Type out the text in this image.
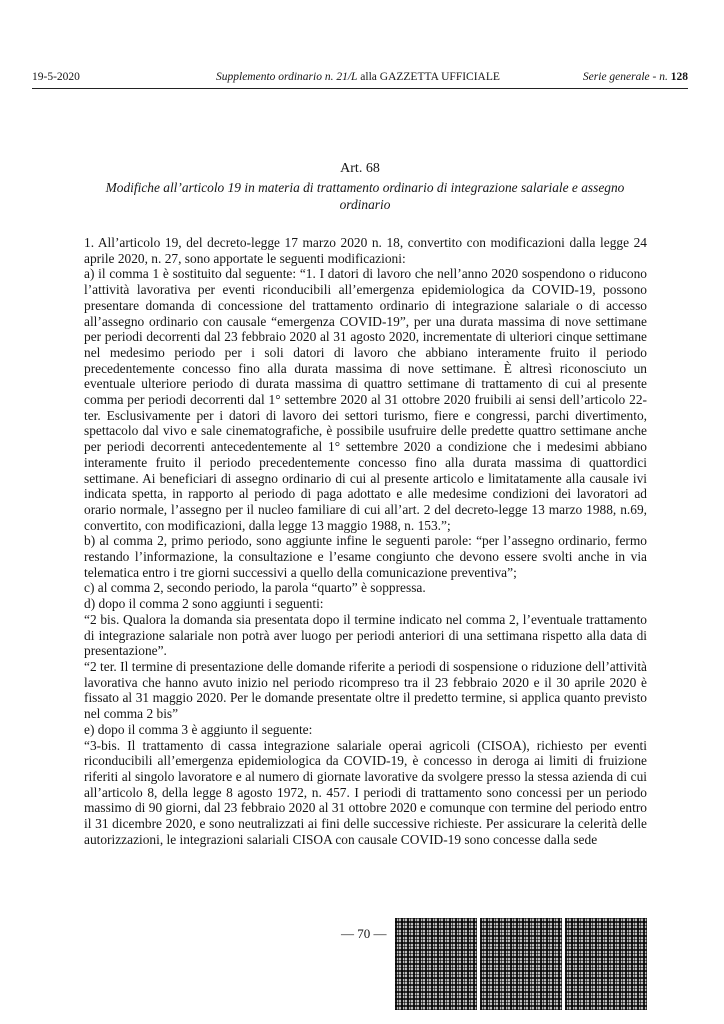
19-5-2020	Supplemento ordinario n. 21/L alla GAZZETTA UFFICIALE	Serie generale - n. 128
Art. 68
Modifiche all’articolo 19 in materia di trattamento ordinario di integrazione salariale e assegno ordinario

1. All’articolo 19, del decreto-legge 17 marzo 2020 n. 18, convertito con modificazioni dalla legge 24 aprile 2020, n. 27, sono apportate le seguenti modificazioni:

a) il comma 1 è sostituito dal seguente: “1. I datori di lavoro che nell’anno 2020 sospendono o riducono l’attività lavorativa per eventi riconducibili all’emergenza epidemiologica da COVID-19, possono presentare domanda di concessione del trattamento ordinario di integrazione salariale o di accesso all’assegno ordinario con causale “emergenza COVID-19”, per una durata massima di nove settimane per periodi decorrenti dal 23 febbraio 2020 al 31 agosto 2020, incrementate di ulteriori cinque settimane nel medesimo periodo per i soli datori di lavoro che abbiano interamente fruito il periodo precedentemente concesso fino alla durata massima di nove settimane. È altresì riconosciuto un eventuale ulteriore periodo di durata massima di quattro settimane di trattamento di cui al presente comma per periodi decorrenti dal 1° settembre 2020 al 31 ottobre 2020 fruibili ai sensi dell’articolo 22-ter. Esclusivamente per i datori di lavoro dei settori turismo, fiere e congressi, parchi divertimento, spettacolo dal vivo e sale cinematografiche, è possibile usufruire delle predette quattro settimane anche per periodi decorrenti antecedentemente al 1° settembre 2020 a condizione che i medesimi abbiano interamente fruito il periodo precedentemente concesso fino alla durata massima di quattordici settimane. Ai beneficiari di assegno ordinario di cui al presente articolo e limitatamente alla causale ivi indicata spetta, in rapporto al periodo di paga adottato e alle medesime condizioni dei lavoratori ad orario normale, l’assegno per il nucleo familiare di cui all’art. 2 del decreto-legge 13 marzo 1988, n.69, convertito, con modificazioni, dalla legge 13 maggio 1988, n. 153.”;

b) al comma 2, primo periodo, sono aggiunte infine le seguenti parole: “per l’assegno ordinario, fermo restando l’informazione, la consultazione e l’esame congiunto che devono essere svolti anche in via telematica entro i tre giorni successivi a quello della comunicazione preventiva”;

c) al comma 2, secondo periodo, la parola “quarto” è soppressa.

d) dopo il comma 2 sono aggiunti i seguenti:

“2 bis. Qualora la domanda sia presentata dopo il termine indicato nel comma 2, l’eventuale trattamento di integrazione salariale non potrà aver luogo per periodi anteriori di una settimana rispetto alla data di presentazione”.

“2 ter. Il termine di presentazione delle domande riferite a periodi di sospensione o riduzione dell’attività lavorativa che hanno avuto inizio nel periodo ricompreso tra il 23 febbraio 2020 e il 30 aprile 2020 è fissato al 31 maggio 2020. Per le domande presentate oltre il predetto termine, si applica quanto previsto nel comma 2 bis”

e) dopo il comma 3 è aggiunto il seguente:

“3-bis. Il trattamento di cassa integrazione salariale operai agricoli (CISOA), richiesto per eventi riconducibili all’emergenza epidemiologica da COVID-19, è concesso in deroga ai limiti di fruizione riferiti al singolo lavoratore e al numero di giornate lavorative da svolgere presso la stessa azienda di cui all’articolo 8, della legge 8 agosto 1972, n. 457. I periodi di trattamento sono concessi per un periodo massimo di 90 giorni, dal 23 febbraio 2020 al 31 ottobre 2020 e comunque con termine del periodo entro il 31 dicembre 2020, e sono neutralizzati ai fini delle successive richieste. Per assicurare la celerità delle autorizzazioni, le integrazioni salariali CISOA con causale COVID-19 sono concesse dalla sede

— 70 —
